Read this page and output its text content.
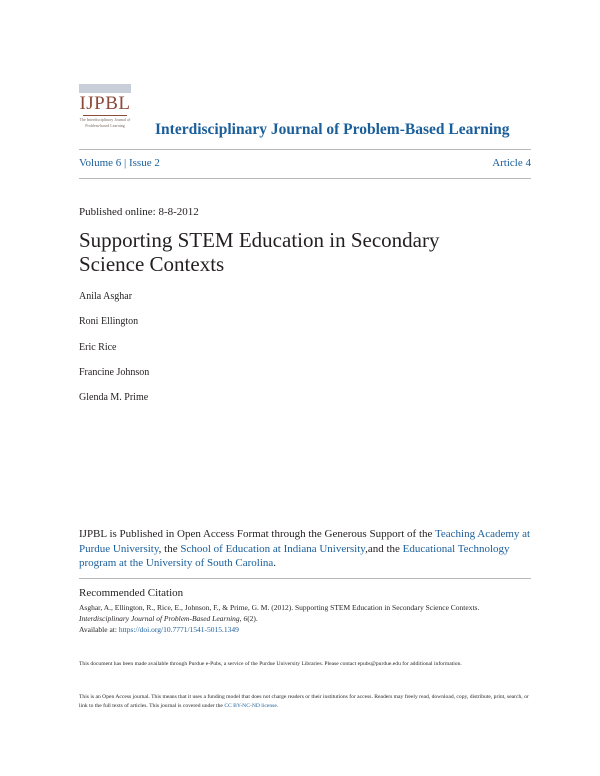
IJPBL
The Interdisciplinary Journal of Problem-based Learning	Interdisciplinary Journal of Problem-Based Learning
Volume 6 | Issue 2	Article 4
Published online: 8-8-2012
Supporting STEM Education in Secondary Science Contexts
Anila Asghar
Roni Ellington
Eric Rice
Francine Johnson
Glenda M. Prime
IJPBL is Published in Open Access Format through the Generous Support of the Teaching Academy at Purdue University, the School of Education at Indiana University,and the Educational Technology program at the University of South Carolina.
Recommended Citation
Asghar, A., Ellington, R., Rice, E., Johnson, F., & Prime, G. M. (2012). Supporting STEM Education in Secondary Science Contexts.
Interdisciplinary Journal of Problem-Based Learning, 6(2).
Available at: https://doi.org/10.7771/1541-5015.1349
This document has been made available through Purdue e-Pubs, a service of the Purdue University Libraries. Please contact epubs@purdue.edu for additional information.
This is an Open Access journal. This means that it uses a funding model that does not charge readers or their institutions for access. Readers may freely read, download, copy, distribute, print, search, or link to the full texts of articles. This journal is covered under the CC BY-NC-ND license.
